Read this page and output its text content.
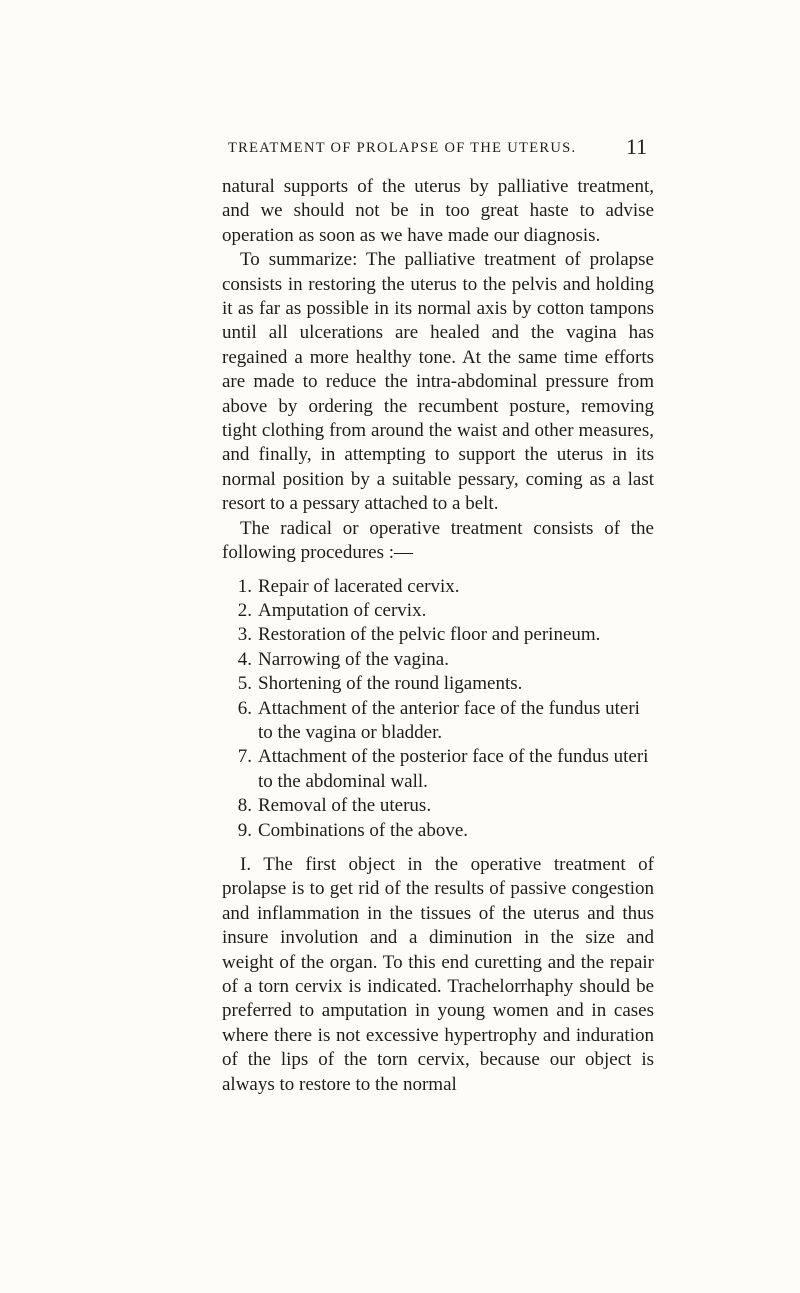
TREATMENT OF PROLAPSE OF THE UTERUS. 11

natural supports of the uterus by palliative treatment, and we should not be in too great haste to advise operation as soon as we have made our diagnosis.

To summarize: The palliative treatment of prolapse consists in restoring the uterus to the pelvis and holding it as far as possible in its normal axis by cotton tampons until all ulcerations are healed and the vagina has regained a more healthy tone. At the same time efforts are made to reduce the intra-abdominal pressure from above by ordering the recumbent posture, removing tight clothing from around the waist and other measures, and finally, in attempting to support the uterus in its normal position by a suitable pessary, coming as a last resort to a pessary attached to a belt.

The radical or operative treatment consists of the following procedures :—

1. Repair of lacerated cervix.
2. Amputation of cervix.
3. Restoration of the pelvic floor and perineum.
4. Narrowing of the vagina.
5. Shortening of the round ligaments.
6. Attachment of the anterior face of the fundus uteri to the vagina or bladder.
7. Attachment of the posterior face of the fundus uteri to the abdominal wall.
8. Removal of the uterus.
9. Combinations of the above.

I. The first object in the operative treatment of prolapse is to get rid of the results of passive congestion and inflammation in the tissues of the uterus and thus insure involution and a diminution in the size and weight of the organ. To this end curetting and the repair of a torn cervix is indicated. Trachelorrhaphy should be preferred to amputation in young women and in cases where there is not excessive hypertrophy and induration of the lips of the torn cervix, because our object is always to restore to the normal
